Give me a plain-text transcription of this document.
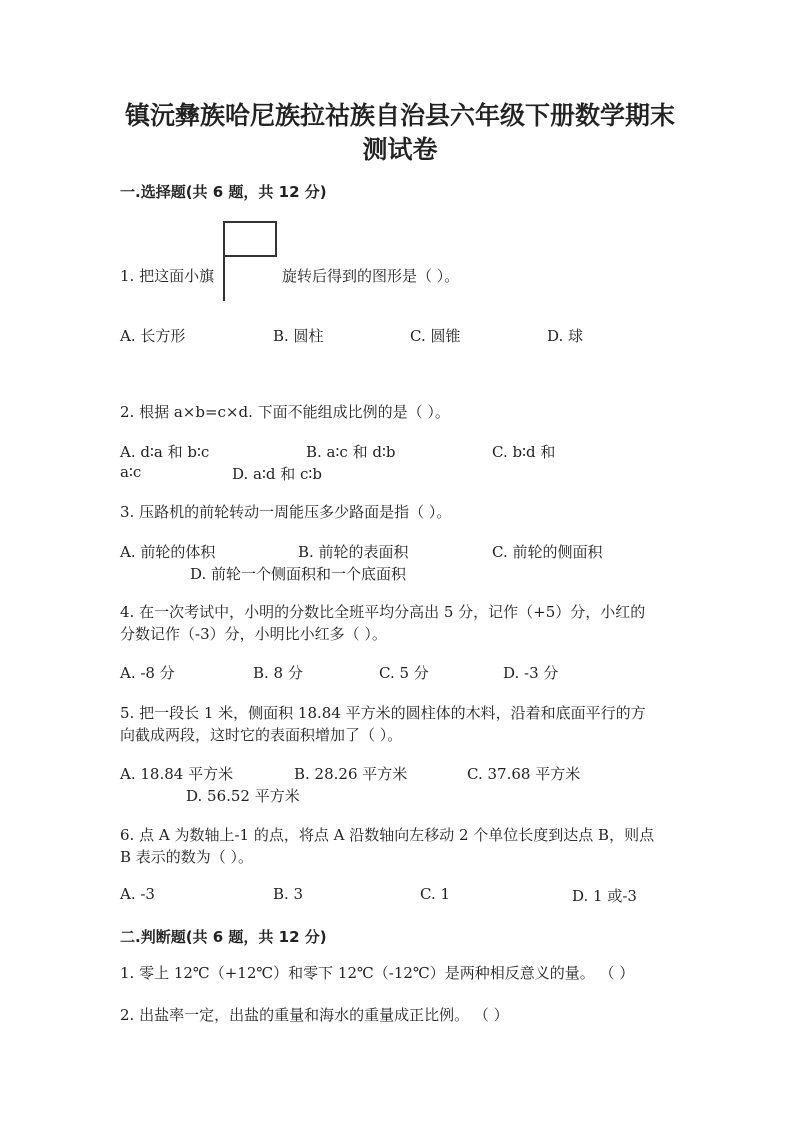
镇沅彝族哈尼族拉祜族自治县六年级下册数学期末
测试卷
一.选择题(共 6 题，共 12 分)
1. 把这面小旗	旋转后得到的图形是（ ）。
A. 长方形	B. 圆柱	C. 圆锥	D. 球
2. 根据 a×b=c×d. 下面不能组成比例的是（ ）。
A. d∶a 和 b∶c	B. a∶c 和 d∶b	C. b∶d 和
a∶c	D. a∶d 和 c∶b
3. 压路机的前轮转动一周能压多少路面是指（ ）。
A. 前轮的体积	B. 前轮的表面积	C. 前轮的侧面积
D. 前轮一个侧面积和一个底面积
4. 在一次考试中，小明的分数比全班平均分高出 5 分，记作（+5）分，小红的
分数记作（-3）分，小明比小红多（ ）。
A. -8 分	B. 8 分	C. 5 分	D. -3 分
5. 把一段长 1 米，侧面积 18.84 平方米的圆柱体的木料，沿着和底面平行的方
向截成两段，这时它的表面积增加了（ ）。
A. 18.84 平方米	B. 28.26 平方米	C. 37.68 平方米
D. 56.52 平方米
6. 点 A 为数轴上-1 的点，将点 A 沿数轴向左移动 2 个单位长度到达点 B，则点
B 表示的数为（ ）。
A. -3	B. 3	C. 1	D. 1 或-3
二.判断题(共 6 题，共 12 分)
1. 零上 12℃（+12℃）和零下 12℃（-12℃）是两种相反意义的量。 （ ）
2. 出盐率一定，出盐的重量和海水的重量成正比例。 （ ）
